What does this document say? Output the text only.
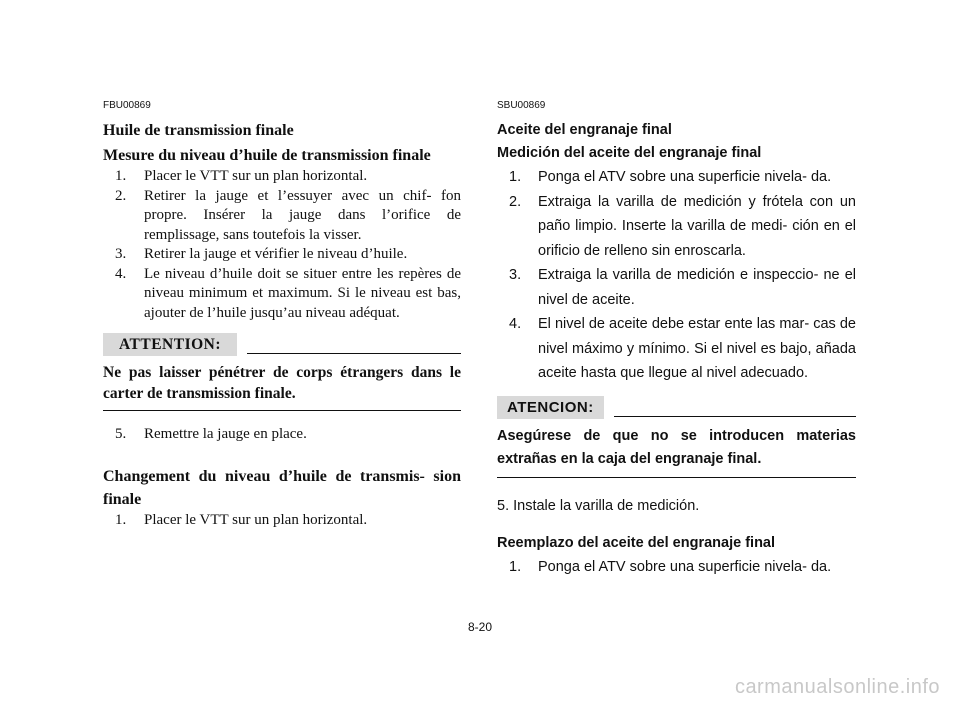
FBU00869

Huile de transmission finale

Mesure du niveau d’huile de transmission finale

1. Placer le VTT sur un plan horizontal.
2. Retirer la jauge et l’essuyer avec un chif- fon propre. Insérer la jauge dans l’orifice de remplissage, sans toutefois la visser.
3. Retirer la jauge et vérifier le niveau d’huile.
4. Le niveau d’huile doit se situer entre les repères de niveau minimum et maximum. Si le niveau est bas, ajouter de l’huile jusqu’au niveau adéquat.
ATTENTION:
Ne pas laisser pénétrer de corps étrangers dans le carter de transmission finale.
5. Remettre la jauge en place.

Changement du niveau d’huile de transmis- sion finale

1. Placer le VTT sur un plan horizontal.

SBU00869

Aceite del engranaje final

Medición del aceite del engranaje final

1. Ponga el ATV sobre una superficie nivela- da.
2. Extraiga la varilla de medición y frótela con un paño limpio. Inserte la varilla de medi- ción en el orificio de relleno sin enroscarla.
3. Extraiga la varilla de medición e inspeccio- ne el nivel de aceite.
4. El nivel de aceite debe estar ente las mar- cas de nivel máximo y mínimo. Si el nivel es bajo, añada aceite hasta que llegue al nivel adecuado.
ATENCION:
Asegúrese de que no se introducen materias extrañas en la caja del engranaje final.

5. Instale la varilla de medición.

Reemplazo del aceite del engranaje final

1. Ponga el ATV sobre una superficie nivela- da.
8-20
carmanualsonline.info
